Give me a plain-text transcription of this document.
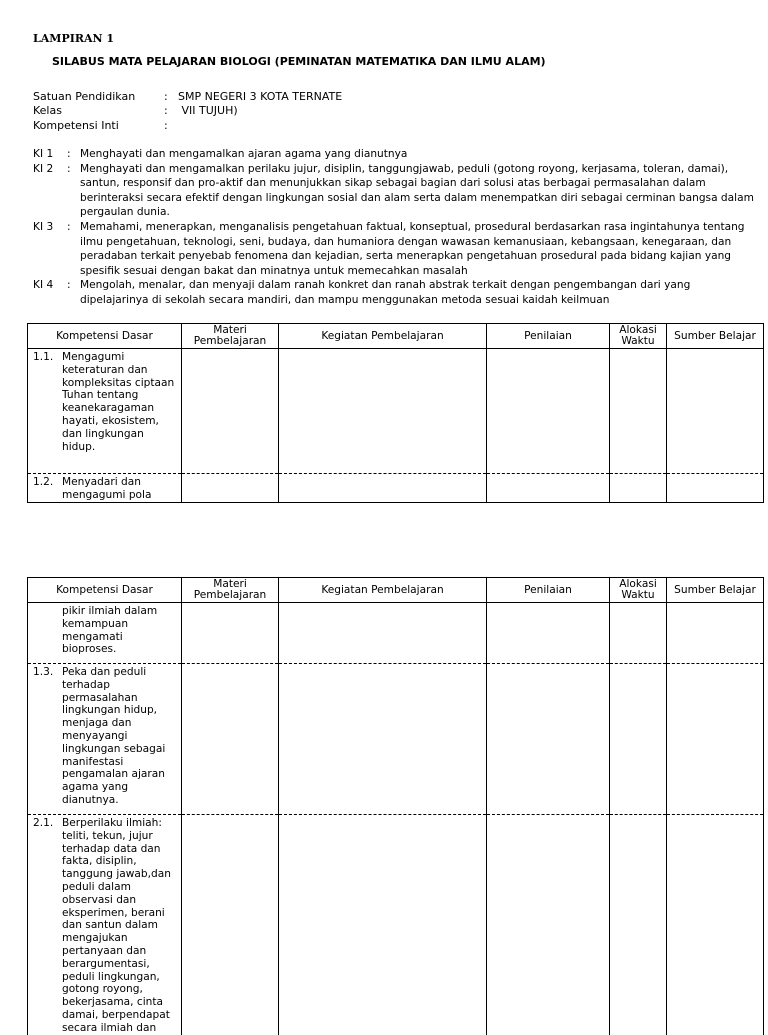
LAMPIRAN 1
SILABUS MATA PELAJARAN BIOLOGI (PEMINATAN MATEMATIKA DAN ILMU ALAM)
Satuan Pendidikan	: SMP NEGERI 3 KOTA TERNATE
Kelas	: VII TUJUH)
Kompetensi Inti	:
KI 1 : Menghayati dan mengamalkan ajaran agama yang dianutnya
KI 2 : Menghayati dan mengamalkan perilaku jujur, disiplin, tanggungjawab, peduli (gotong royong, kerjasama, toleran, damai), santun, responsif dan pro-aktif dan menunjukkan sikap sebagai bagian dari solusi atas berbagai permasalahan dalam berinteraksi secara efektif dengan lingkungan sosial dan alam serta dalam menempatkan diri sebagai cerminan bangsa dalam pergaulan dunia.
KI 3 : Memahami, menerapkan, menganalisis pengetahuan faktual, konseptual, prosedural berdasarkan rasa ingintahunya tentang ilmu pengetahuan, teknologi, seni, budaya, dan humaniora dengan wawasan kemanusiaan, kebangsaan, kenegaraan, dan peradaban terkait penyebab fenomena dan kejadian, serta menerapkan pengetahuan prosedural pada bidang kajian yang spesifik sesuai dengan bakat dan minatnya untuk memecahkan masalah
KI 4 : Mengolah, menalar, dan menyaji dalam ranah konkret dan ranah abstrak terkait dengan pengembangan dari yang dipelajarinya di sekolah secara mandiri, dan mampu menggunakan metoda sesuai kaidah keilmuan
Kompetensi Dasar	Materi Pembelajaran	Kegiatan Pembelajaran	Penilaian	Alokasi Waktu	Sumber Belajar

1.1. Mengagumi keteraturan dan kompleksitas ciptaan Tuhan tentang keanekaragaman hayati, ekosistem, dan lingkungan hidup.					

1.2. Menyadari dan mengagumi pola					

Kompetensi Dasar	Materi Pembelajaran	Kegiatan Pembelajaran	Penilaian	Alokasi Waktu	Sumber Belajar

pikir ilmiah dalam kemampuan mengamati bioproses.					

1.3. Peka dan peduli terhadap permasalahan lingkungan hidup, menjaga dan menyayangi lingkungan sebagai manifestasi pengamalan ajaran agama yang dianutnya.					

2.1. Berperilaku ilmiah: teliti, tekun, jujur terhadap data dan fakta, disiplin, tanggung jawab,dan peduli dalam observasi dan eksperimen, berani dan santun dalam mengajukan pertanyaan dan berargumentasi, peduli lingkungan, gotong royong, bekerjasama, cinta damai, berpendapat secara ilmiah dan					
